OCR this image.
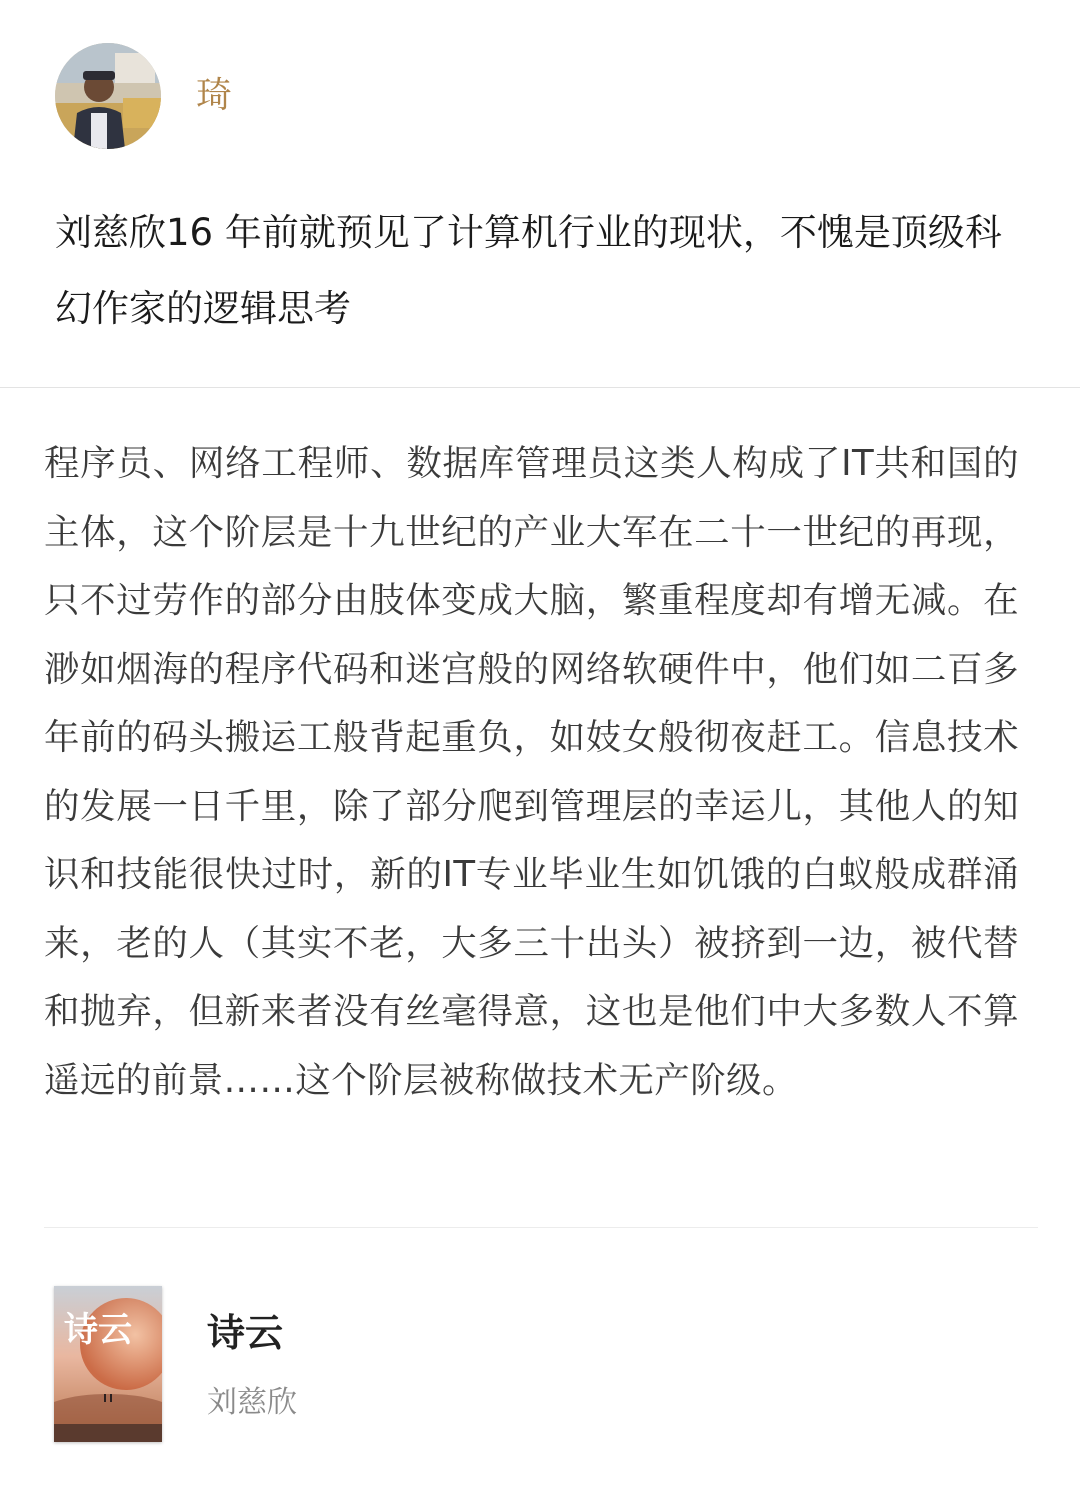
琦
刘慈欣16 年前就预见了计算机行业的现状，不愧是顶级科幻作家的逻辑思考

程序员、网络工程师、数据库管理员这类人构成了IT共和国的主体，这个阶层是十九世纪的产业大军在二十一世纪的再现，只不过劳作的部分由肢体变成大脑，繁重程度却有增无减。在渺如烟海的程序代码和迷宫般的网络软硬件中，他们如二百多年前的码头搬运工般背起重负，如妓女般彻夜赶工。信息技术的发展一日千里，除了部分爬到管理层的幸运儿，其他人的知识和技能很快过时，新的IT专业毕业生如饥饿的白蚁般成群涌来，老的人（其实不老，大多三十出头）被挤到一边，被代替和抛弃，但新来者没有丝毫得意，这也是他们中大多数人不算遥远的前景……这个阶层被称做技术无产阶级。

诗云 诗云
刘慈欣
